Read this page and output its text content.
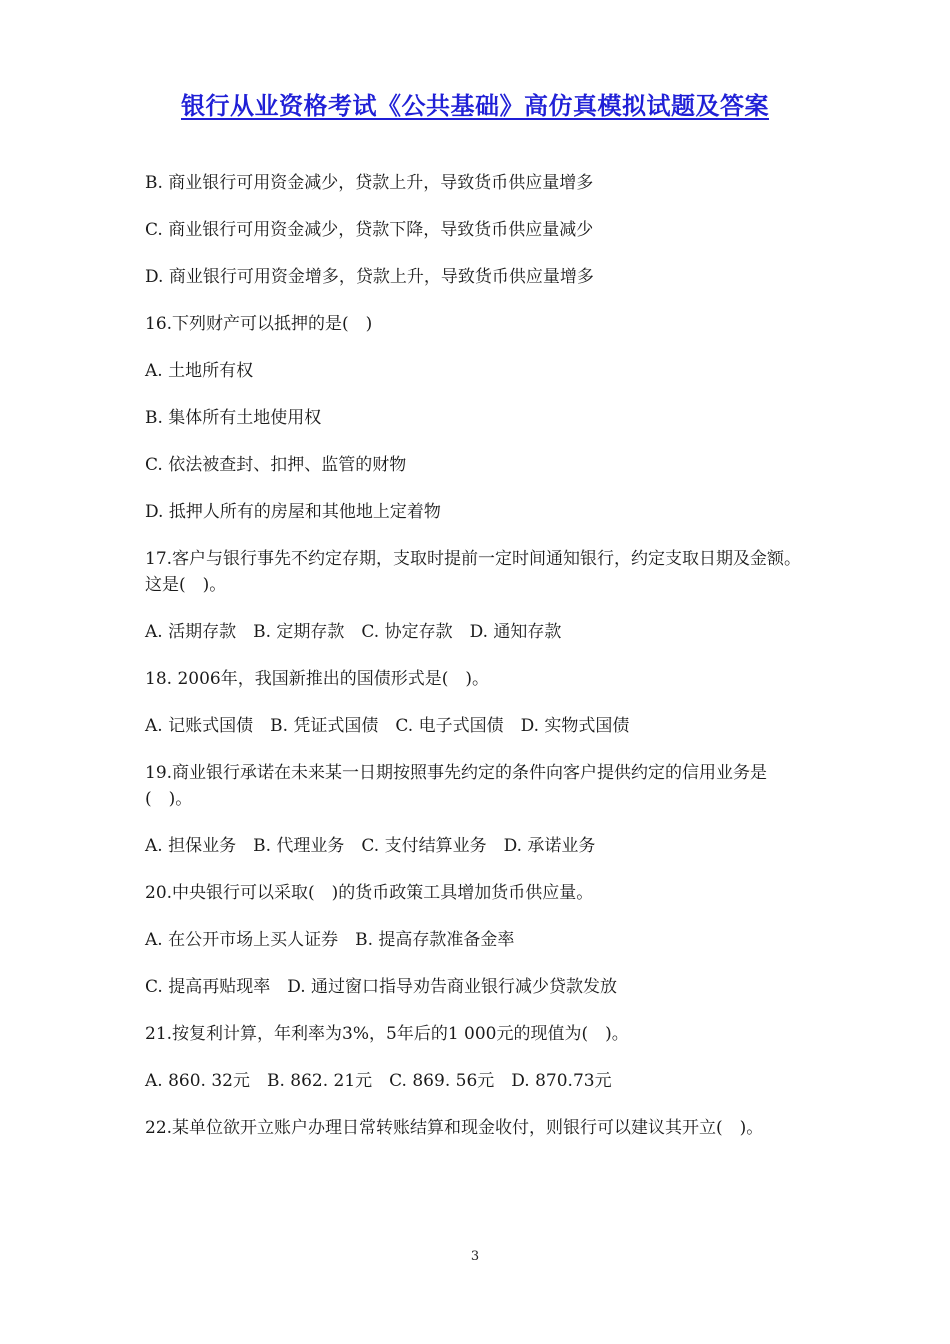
银行从业资格考试《公共基础》高仿真模拟试题及答案

B. 商业银行可用资金减少，贷款上升，导致货币供应量增多

C. 商业银行可用资金减少，贷款下降，导致货币供应量减少

D. 商业银行可用资金增多，贷款上升，导致货币供应量增多

16.下列财产可以抵押的是(　)

A. 土地所有权

B. 集体所有土地使用权

C. 依法被查封、扣押、监管的财物

D. 抵押人所有的房屋和其他地上定着物

17.客户与银行事先不约定存期，支取时提前一定时间通知银行，约定支取日期及金额。这是(　)。

A. 活期存款　B. 定期存款　C. 协定存款　D. 通知存款

18. 2006年，我国新推出的国债形式是(　)。

A. 记账式国债　B. 凭证式国债　C. 电子式国债　D. 实物式国债

19.商业银行承诺在未来某一日期按照事先约定的条件向客户提供约定的信用业务是(　)。

A. 担保业务　B. 代理业务　C. 支付结算业务　D. 承诺业务

20.中央银行可以采取(　)的货币政策工具增加货币供应量。

A. 在公开市场上买人证券　B. 提高存款准备金率

C. 提高再贴现率　D. 通过窗口指导劝告商业银行减少贷款发放

21.按复利计算，年利率为3%，5年后的1 000元的现值为(　)。

A. 860. 32元　B. 862. 21元　C. 869. 56元　D. 870.73元

22.某单位欲开立账户办理日常转账结算和现金收付，则银行可以建议其开立(　)。

3
